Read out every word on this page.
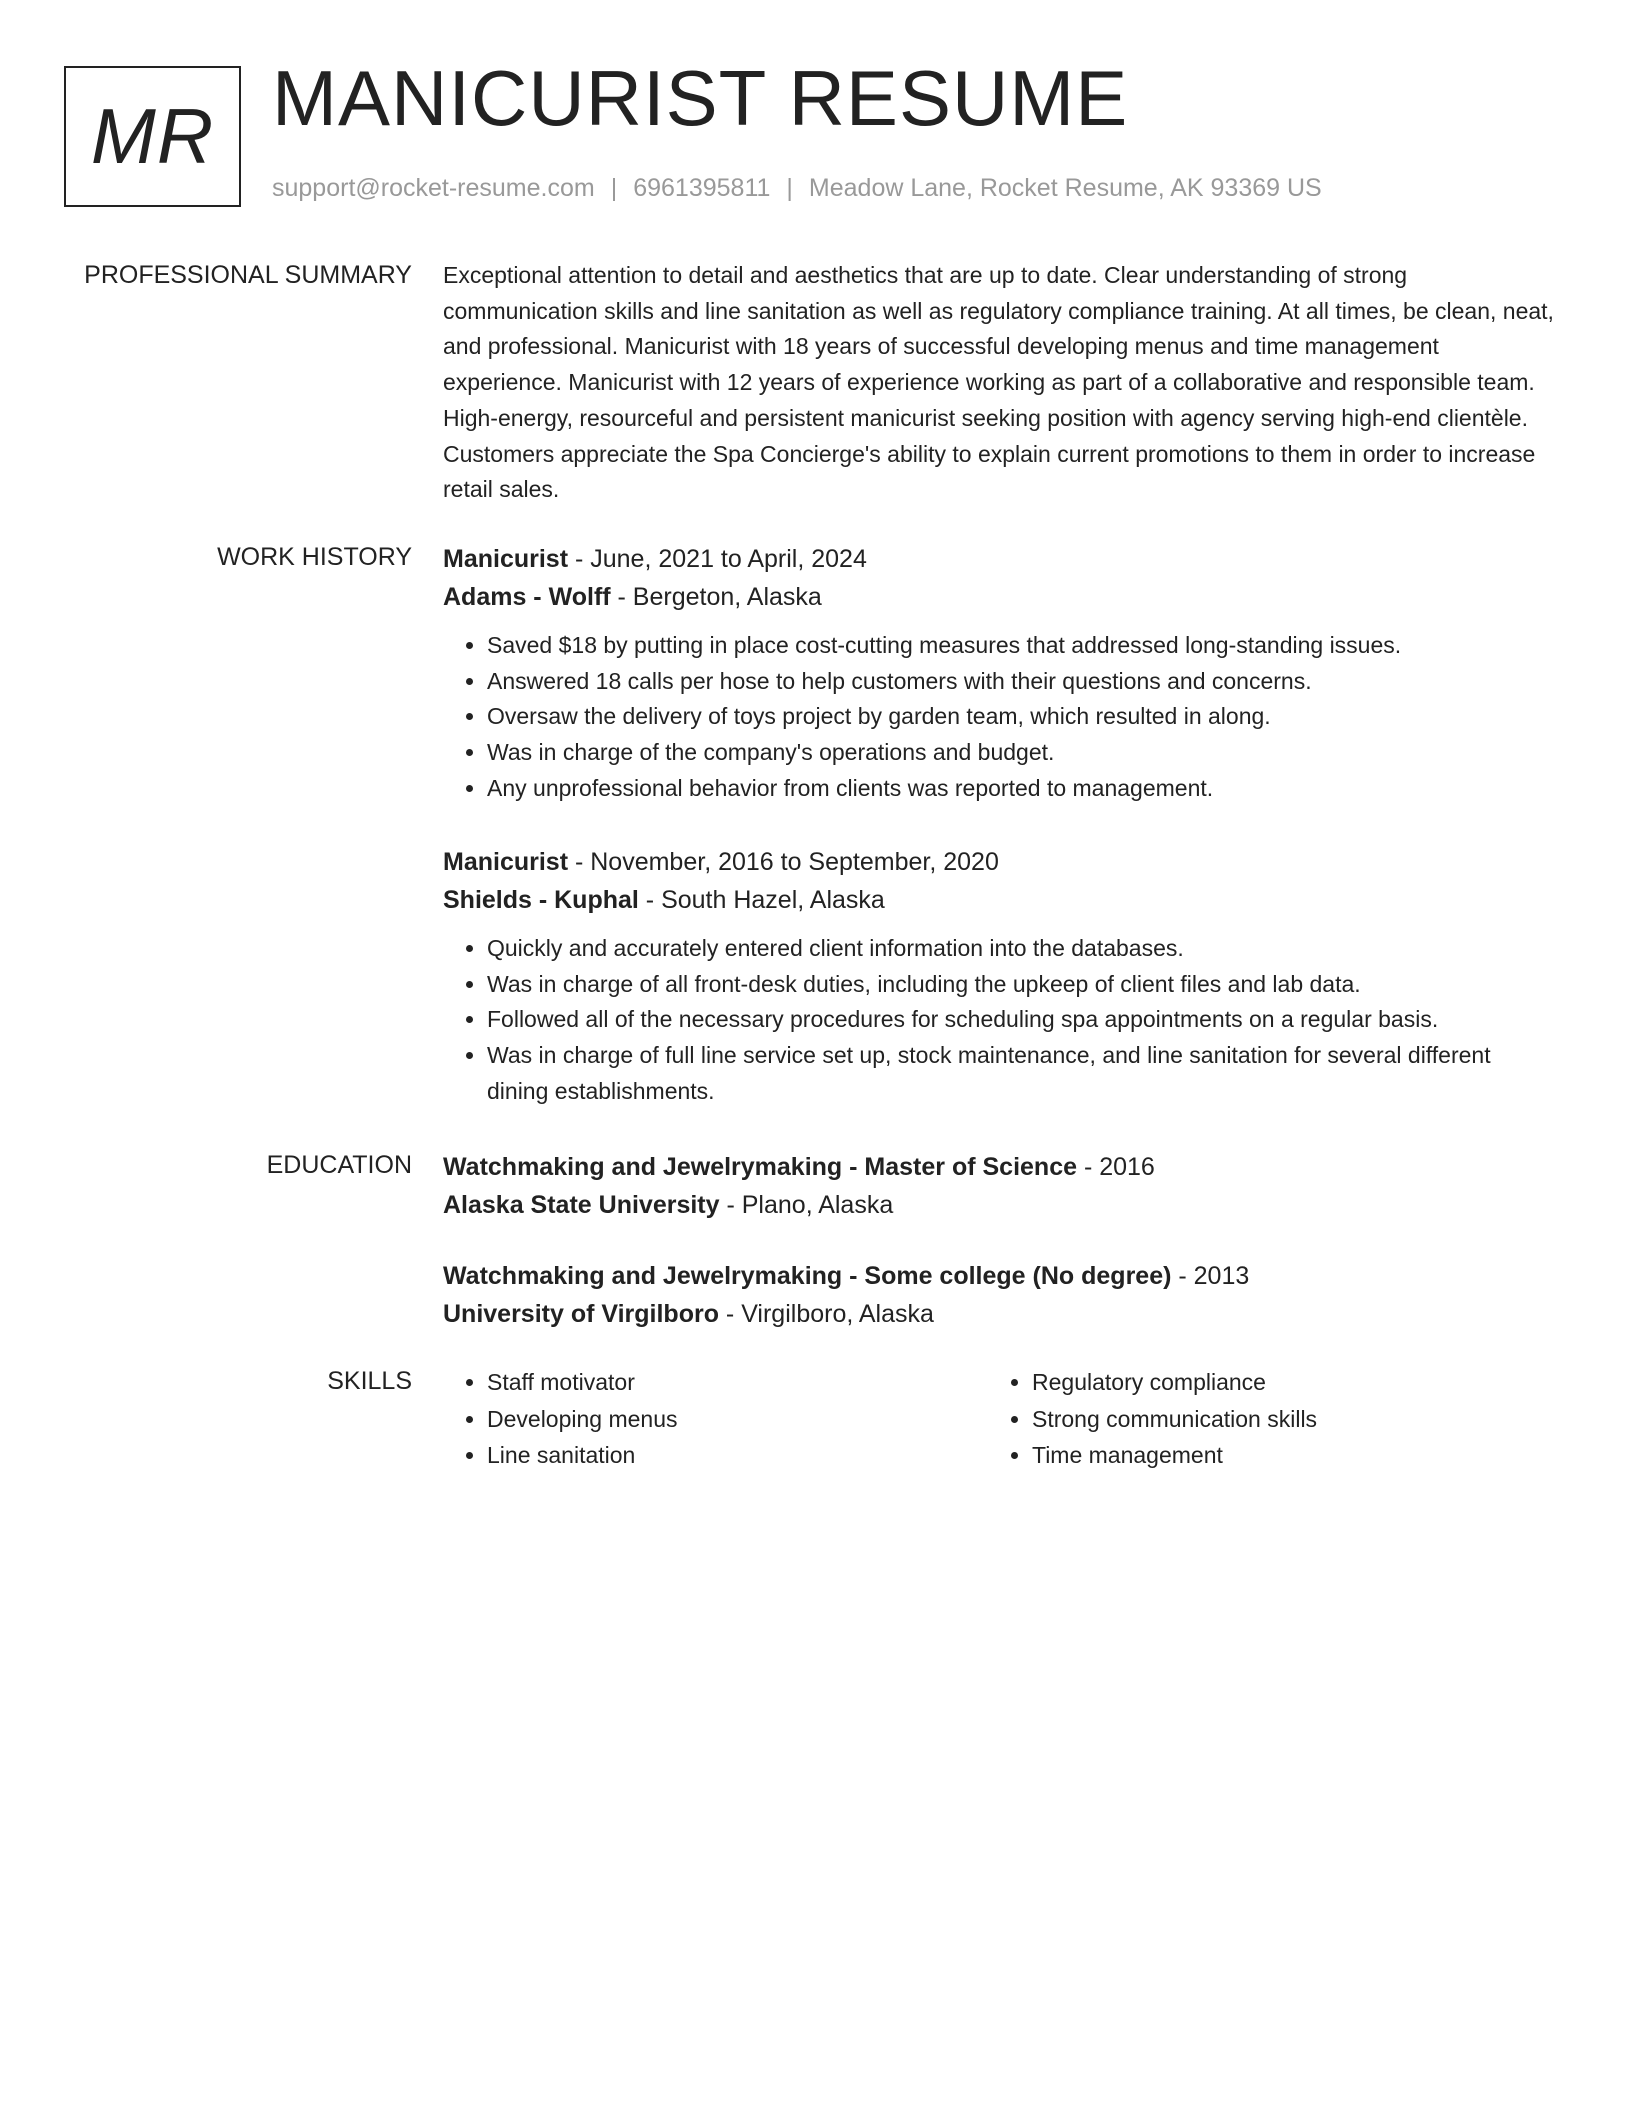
MR MANICURIST RESUME
support@rocket-resume.com | 6961395811 | Meadow Lane, Rocket Resume, AK 93369 US
PROFESSIONAL SUMMARY Exceptional attention to detail and aesthetics that are up to date. Clear understanding of strong communication skills and line sanitation as well as regulatory compliance training. At all times, be clean, neat, and professional. Manicurist with 18 years of successful developing menus and time management experience. Manicurist with 12 years of experience working as part of a collaborative and responsible team. High-energy, resourceful and persistent manicurist seeking position with agency serving high-end clientèle. Customers appreciate the Spa Concierge's ability to explain current promotions to them in order to increase retail sales.

WORK HISTORY Manicurist - June, 2021 to April, 2024
Adams - Wolff - Bergeton, Alaska
• Saved $18 by putting in place cost-cutting measures that addressed long-standing issues.
• Answered 18 calls per hose to help customers with their questions and concerns.
• Oversaw the delivery of toys project by garden team, which resulted in along.
• Was in charge of the company's operations and budget.
• Any unprofessional behavior from clients was reported to management.
Manicurist - November, 2016 to September, 2020
Shields - Kuphal - South Hazel, Alaska
• Quickly and accurately entered client information into the databases.
• Was in charge of all front-desk duties, including the upkeep of client files and lab data.
• Followed all of the necessary procedures for scheduling spa appointments on a regular basis.
• Was in charge of full line service set up, stock maintenance, and line sanitation for several different dining establishments.
EDUCATION Watchmaking and Jewelrymaking - Master of Science - 2016
Alaska State University - Plano, Alaska
Watchmaking and Jewelrymaking - Some college (No degree) - 2013
University of Virgilboro - Virgilboro, Alaska
SKILLS
•	Staff motivator
• Developing menus
• Line sanitation
• Regulatory compliance
• Strong communication skills
• Time management
